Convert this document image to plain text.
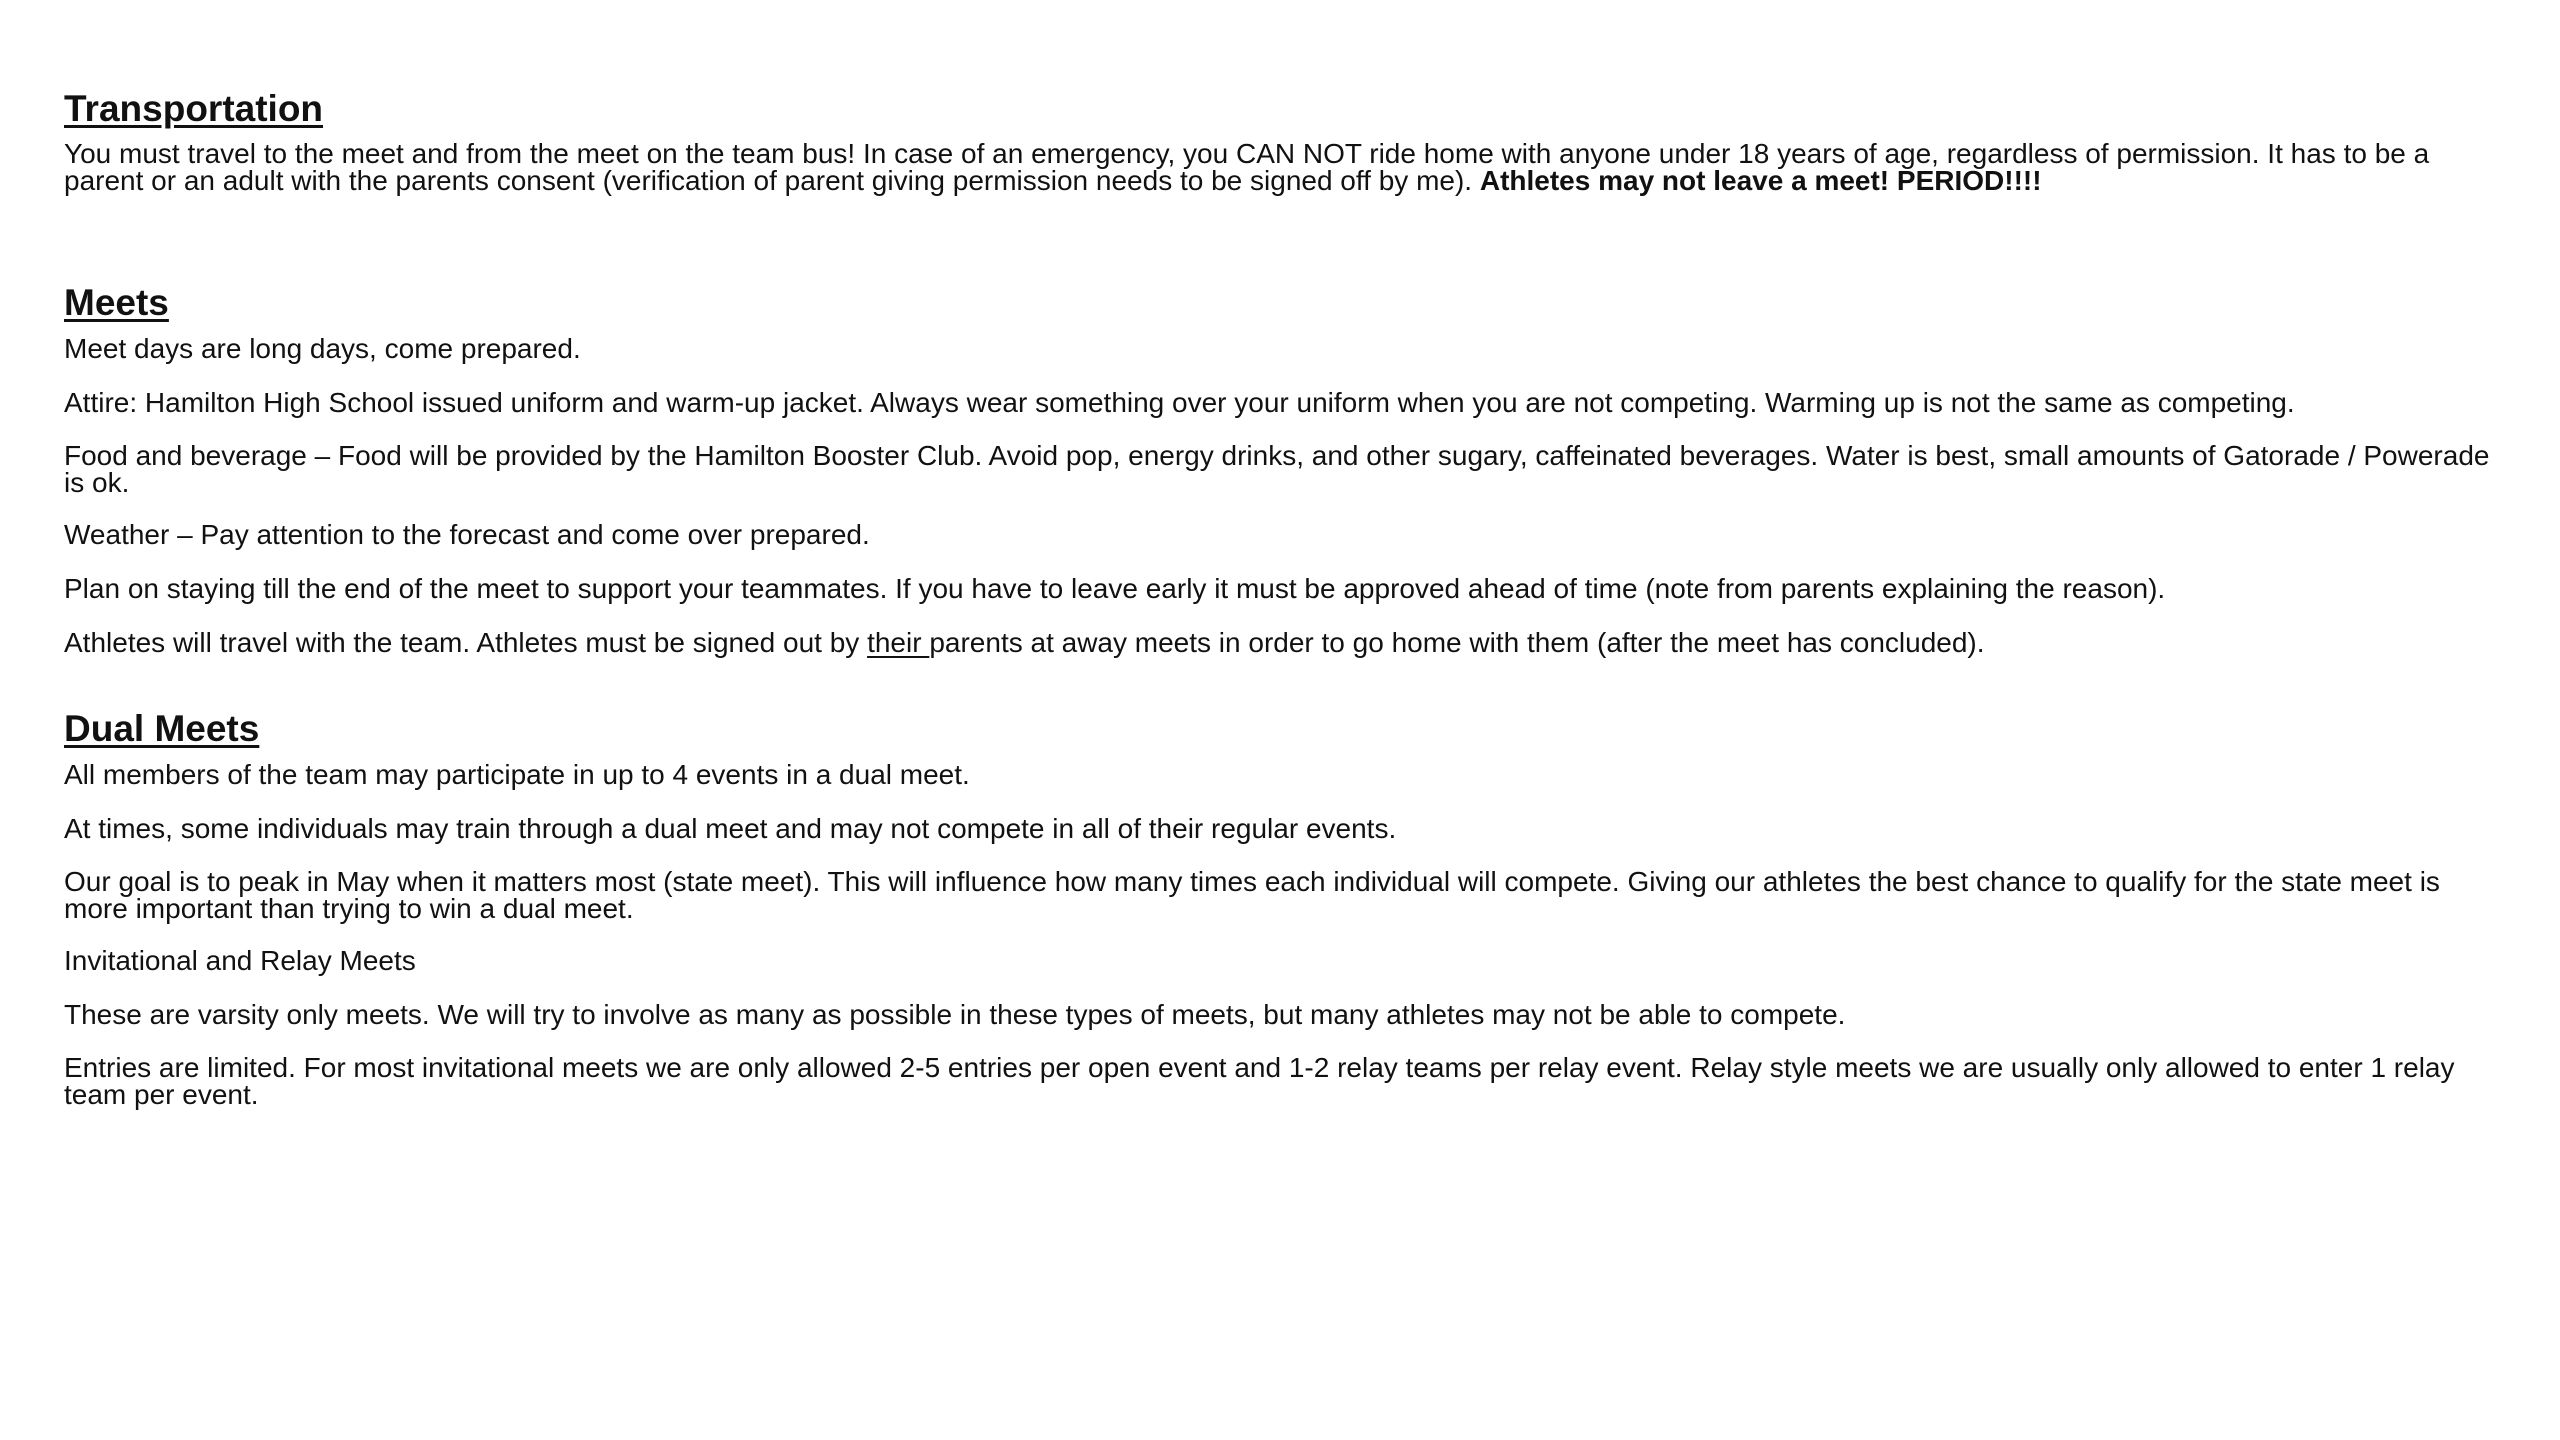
Transportation

You must travel to the meet and from the meet on the team bus! In case of an emergency, you CAN NOT ride home with anyone under 18 years of age, regardless of permission. It has to be a parent or an adult with the parents consent (verification of parent giving permission needs to be signed off by me). Athletes may not leave a meet! PERIOD!!!!

Meets

Meet days are long days, come prepared.

Attire: Hamilton High School issued uniform and warm-up jacket. Always wear something over your uniform when you are not competing. Warming up is not the same as competing.

Food and beverage – Food will be provided by the Hamilton Booster Club. Avoid pop, energy drinks, and other sugary, caffeinated beverages. Water is best, small amounts of Gatorade / Powerade is ok.

Weather – Pay attention to the forecast and come over prepared.

Plan on staying till the end of the meet to support your teammates. If you have to leave early it must be approved ahead of time (note from parents explaining the reason).

Athletes will travel with the team. Athletes must be signed out by their parents at away meets in order to go home with them (after the meet has concluded).

Dual Meets

All members of the team may participate in up to 4 events in a dual meet.

At times, some individuals may train through a dual meet and may not compete in all of their regular events.

Our goal is to peak in May when it matters most (state meet). This will influence how many times each individual will compete. Giving our athletes the best chance to qualify for the state meet is more important than trying to win a dual meet.

Invitational and Relay Meets

These are varsity only meets. We will try to involve as many as possible in these types of meets, but many athletes may not be able to compete.

Entries are limited. For most invitational meets we are only allowed 2-5 entries per open event and 1-2 relay teams per relay event. Relay style meets we are usually only allowed to enter 1 relay team per event.
